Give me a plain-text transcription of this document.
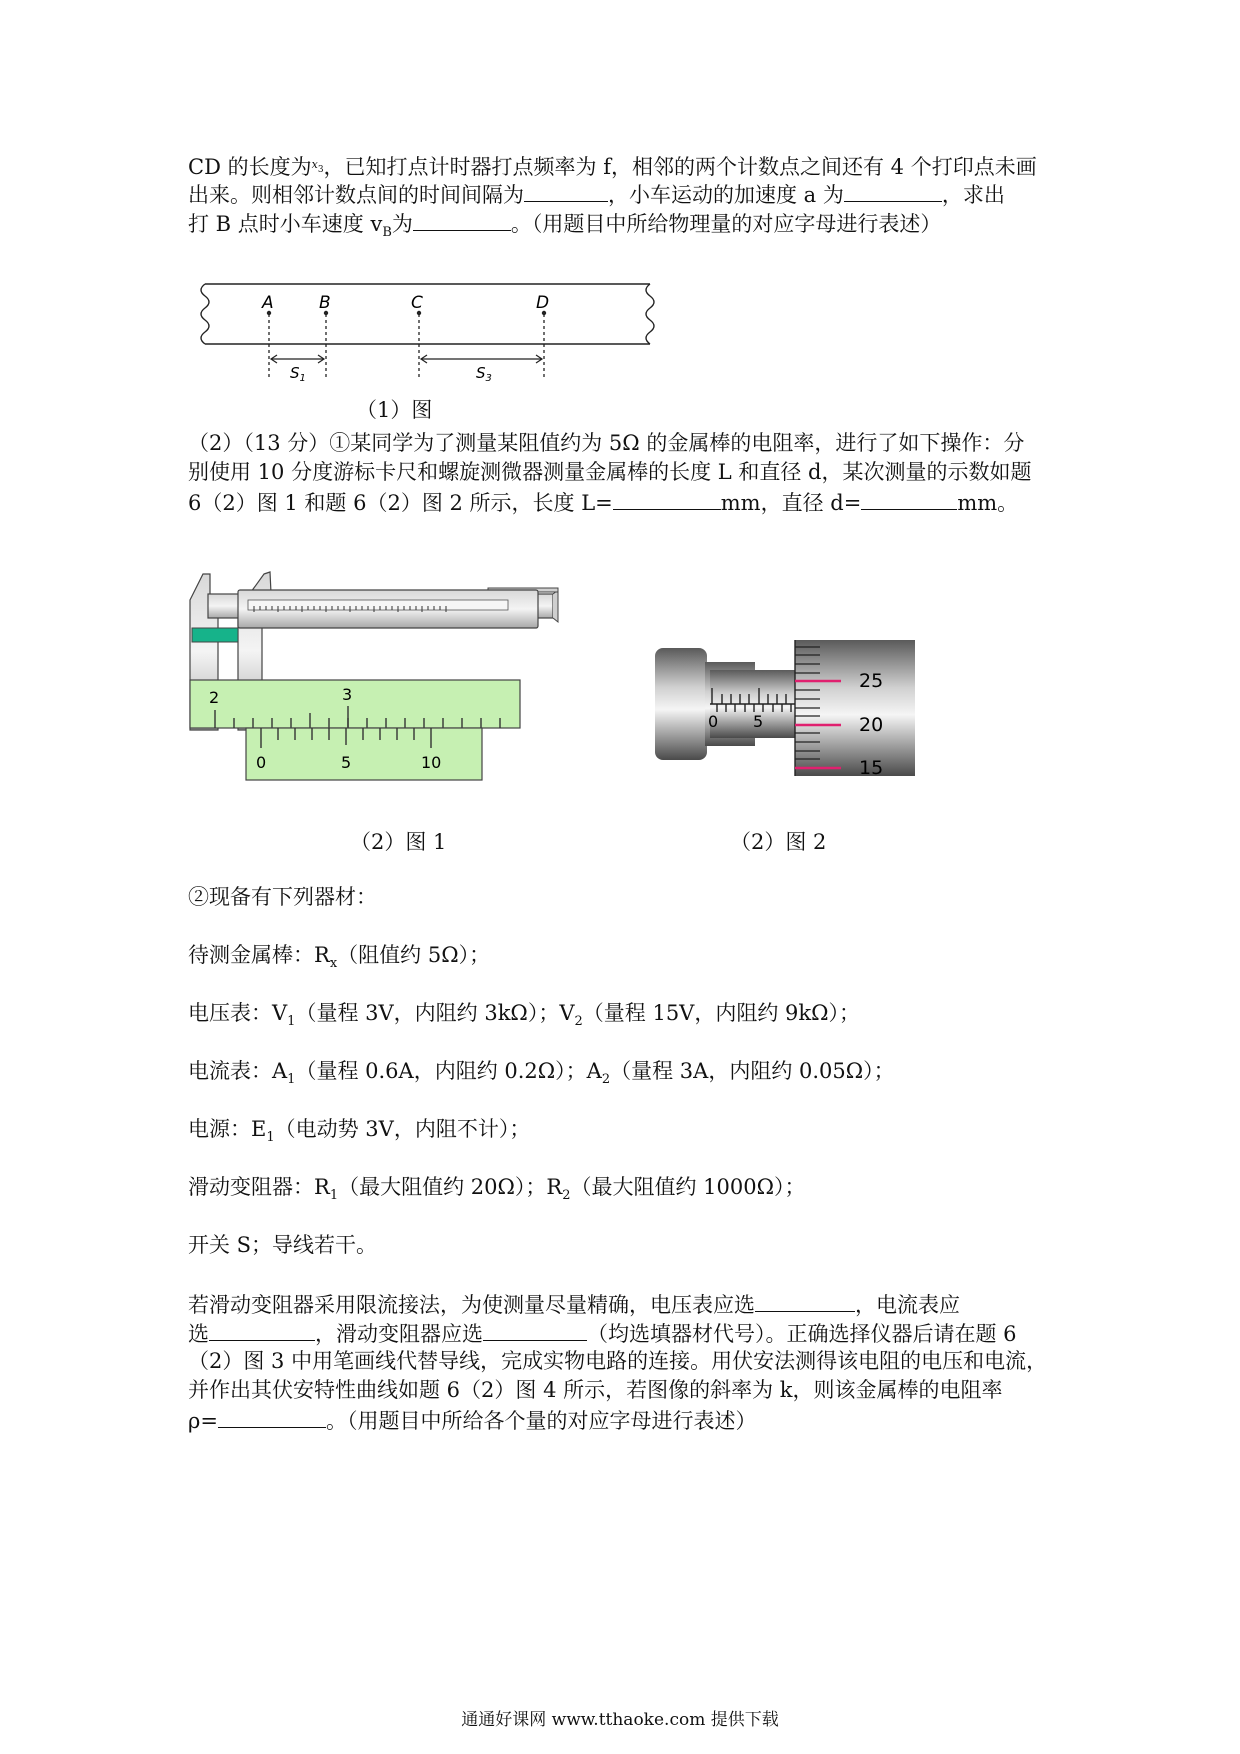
CD 的长度为$^x_3$，已知打点计时器打点频率为 f，相邻的两个计数点之间还有 4 个打印点未画

出来。则相邻计数点间的时间间隔为	，小车运动的加速度 a 为	，求出

打 B 点时小车速度 $v_B$为	。（用题目中所给物理量的对应字母进行表述）

A	B	C	D
$S_1$	$S_3$
（1）图

（2）（13 分）①某同学为了测量某阻值约为 5Ω 的金属棒的电阻率，进行了如下操作：分

别使用 10 分度游标卡尺和螺旋测微器测量金属棒的长度 L 和直径 d，某次测量的示数如题

6（2）图 1 和题 6（2）图 2 所示，长度 L=	mm，直径 d=	mm。

2	3
0	5	10
（2）图 1
0 5
25
20
15
（2）图 2

②现备有下列器材：

待测金属棒：$R_x$（阻值约 5Ω）；

电压表：$V_1$（量程 3V，内阻约 3kΩ）；$V_2$（量程 15V，内阻约 9kΩ）；

电流表：$A_1$（量程 0.6A，内阻约 0.2Ω）；$A_2$（量程 3A，内阻约 0.05Ω）；

电源：$E_1$（电动势 3V，内阻不计）；

滑动变阻器：$R_1$（最大阻值约 20Ω）；$R_2$（最大阻值约 1000Ω）；

开关 S；导线若干。

若滑动变阻器采用限流接法，为使测量尽量精确，电压表应选	，电流表应

选	，滑动变阻器应选	（均选填器材代号）。正确选择仪器后请在题 6

（2）图 3 中用笔画线代替导线，完成实物电路的连接。用伏安法测得该电阻的电压和电流，

并作出其伏安特性曲线如题 6（2）图 4 所示，若图像的斜率为 k，则该金属棒的电阻率

ρ=	。（用题目中所给各个量的对应字母进行表述）

通通好课网 www.tthaoke.com 提供下载
